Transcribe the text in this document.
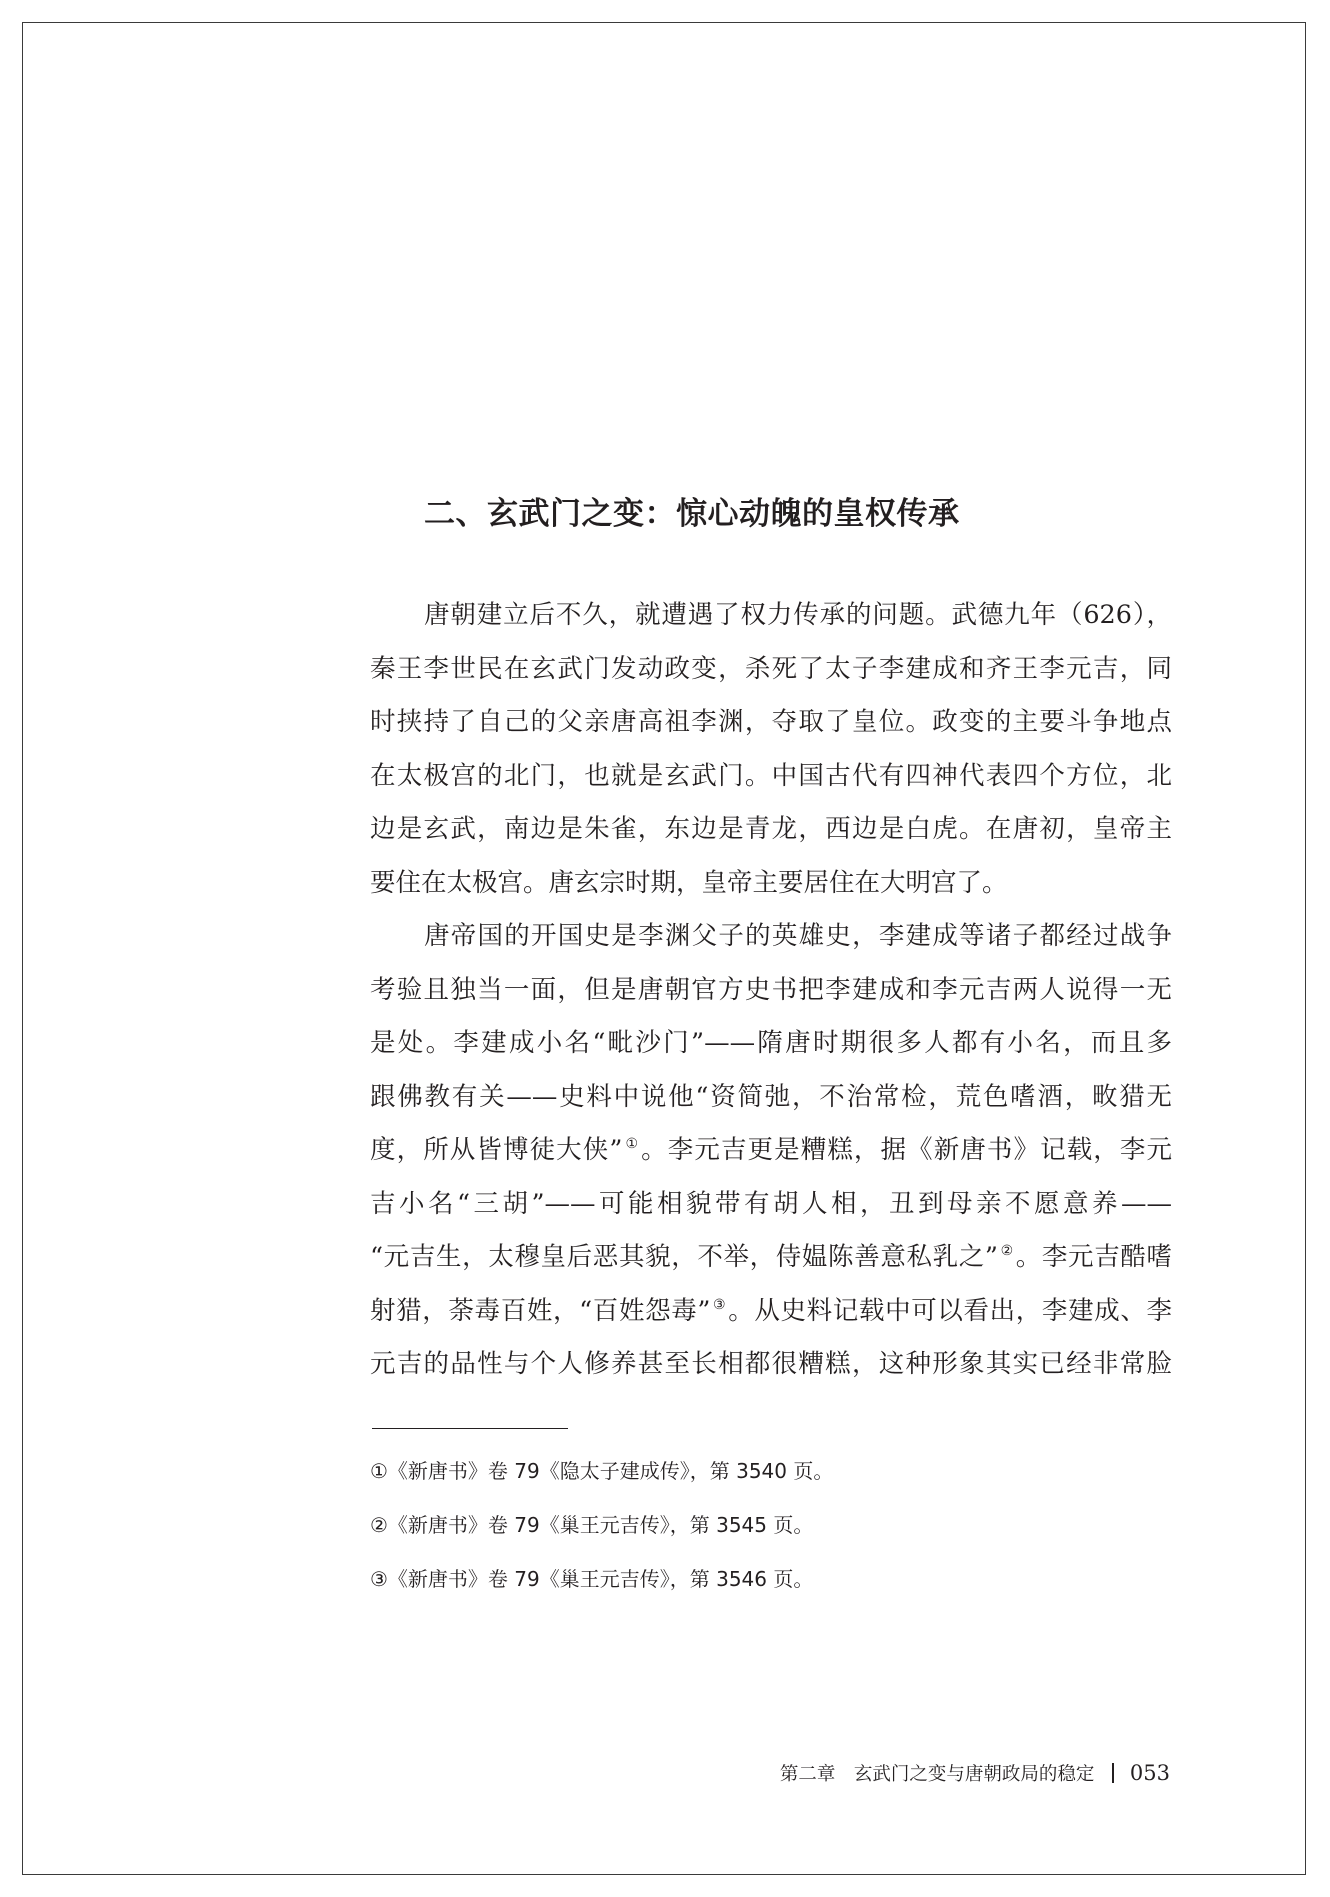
二、玄武门之变：惊心动魄的皇权传承
唐朝建立后不久，就遭遇了权力传承的问题。武德九年（626），
秦王李世民在玄武门发动政变，杀死了太子李建成和齐王李元吉，同
时挟持了自己的父亲唐高祖李渊，夺取了皇位。政变的主要斗争地点
在太极宫的北门，也就是玄武门。中国古代有四神代表四个方位，北
边是玄武，南边是朱雀，东边是青龙，西边是白虎。在唐初，皇帝主
要住在太极宫。唐玄宗时期，皇帝主要居住在大明宫了。
唐帝国的开国史是李渊父子的英雄史，李建成等诸子都经过战争
考验且独当一面，但是唐朝官方史书把李建成和李元吉两人说得一无
是处。李建成小名“毗沙门”——隋唐时期很多人都有小名，而且多
跟佛教有关——史料中说他“资简弛，不治常检，荒色嗜酒，畋猎无
度，所从皆博徒大侠” ①。李元吉更是糟糕，据《新唐书》记载，李元
吉小名“三胡”——可能相貌带有胡人相，丑到母亲不愿意养——
“元吉生，太穆皇后恶其貌，不举，侍媪陈善意私乳之” ②。李元吉酷嗜
射猎，荼毒百姓，“百姓怨毒” ③。从史料记载中可以看出，李建成、李
元吉的品性与个人修养甚至长相都很糟糕，这种形象其实已经非常脸
①《新唐书》卷 79《隐太子建成传》，第 3540 页。
②《新唐书》卷 79《巢王元吉传》，第 3545 页。
③《新唐书》卷 79《巢王元吉传》，第 3546 页。
第二章　玄武门之变与唐朝政局的稳定 053
